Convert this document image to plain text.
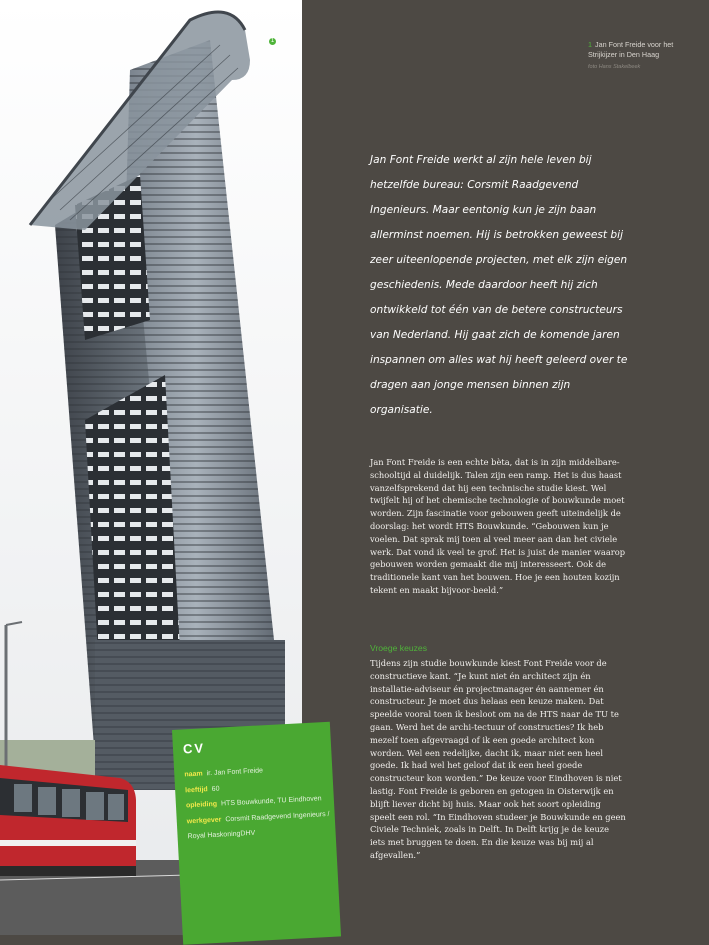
1	1 Jan Font Freide voor het Strijkijzer in Den Haag
foto Hans Stakelbeek
Jan Font Freide werkt al zijn hele leven bij hetzelfde bureau: Corsmit Raadgevend Ingenieurs. Maar eentonig kun je zijn baan allerminst noemen. Hij is betrokken geweest bij zeer uiteenlopende projecten, met elk zijn eigen geschiedenis. Mede daardoor heeft hij zich ontwikkeld tot één van de betere constructeurs van Nederland. Hij gaat zich de komende jaren inspannen om alles wat hij heeft geleerd over te dragen aan jonge mensen binnen zijn organisatie.
Jan Font Freide is een echte bèta, dat is in zijn middelbare-schooltijd al duidelijk. Talen zijn een ramp. Het is dus haast vanzelfsprekend dat hij een technische studie kiest. Wel twijfelt hij of het chemische technologie of bouwkunde moet worden. Zijn fascinatie voor gebouwen geeft uiteindelijk de doorslag: het wordt HTS Bouwkunde. “Gebouwen kun je voelen. Dat sprak mij toen al veel meer aan dan het civiele werk. Dat vond ik veel te grof. Het is juist de manier waarop gebouwen worden gemaakt die mij interesseert. Ook de traditionele kant van het bouwen. Hoe je een houten kozijn tekent en maakt bijvoor-beeld.”
Vroege keuzes
Tijdens zijn studie bouwkunde kiest Font Freide voor de constructieve kant. “Je kunt niet én architect zijn én installatie-adviseur én projectmanager én aannemer én constructeur. Je moet dus helaas een keuze maken. Dat speelde vooral toen ik besloot om na de HTS naar de TU te gaan. Werd het de archi-tectuur of constructies? Ik heb mezelf toen afgevraagd of ik een goede architect kon worden. Wel een redelijke, dacht ik, maar niet een heel goede. Ik had wel het geloof dat ik een heel goede constructeur kon worden.” De keuze voor Eindhoven is niet lastig. Font Freide is geboren en getogen in Oisterwijk en blijft liever dicht bij huis. Maar ook het soort opleiding speelt een rol. “In Eindhoven studeer je Bouwkunde en geen Civiele Techniek, zoals in Delft. In Delft krijg je de keuze iets met bruggen te doen. En die keuze was bij mij al afgevallen.”
CV
naam ir. Jan Font Freide
leeftijd 60
opleiding HTS Bouwkunde, TU Eindhoven
werkgever Corsmit Raadgevend Ingenieurs / Royal HaskoningDHV
